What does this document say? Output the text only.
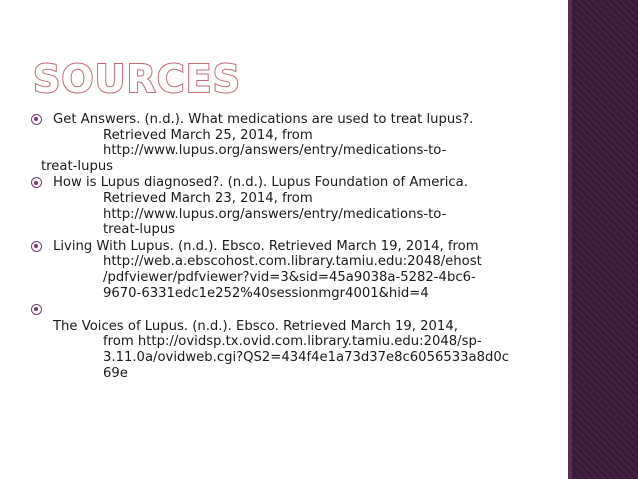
SOURCES
Get Answers. (n.d.). What medications are used to treat lupus?.
Retrieved March 25, 2014, from
http://www.lupus.org/answers/entry/medications-to-
treat-lupus
How is Lupus diagnosed?. (n.d.). Lupus Foundation of America.
Retrieved March 23, 2014, from
http://www.lupus.org/answers/entry/medications-to-
treat-lupus
Living With Lupus. (n.d.). Ebsco. Retrieved March 19, 2014, from
http://web.a.ebscohost.com.library.tamiu.edu:2048/ehost
/pdfviewer/pdfviewer?vid=3&sid=45a9038a-5282-4bc6-
9670-6331edc1e252%40sessionmgr4001&hid=4
The Voices of Lupus. (n.d.). Ebsco. Retrieved March 19, 2014,
from http://ovidsp.tx.ovid.com.library.tamiu.edu:2048/sp-
3.11.0a/ovidweb.cgi?QS2=434f4e1a73d37e8c6056533a8d0c
69e
